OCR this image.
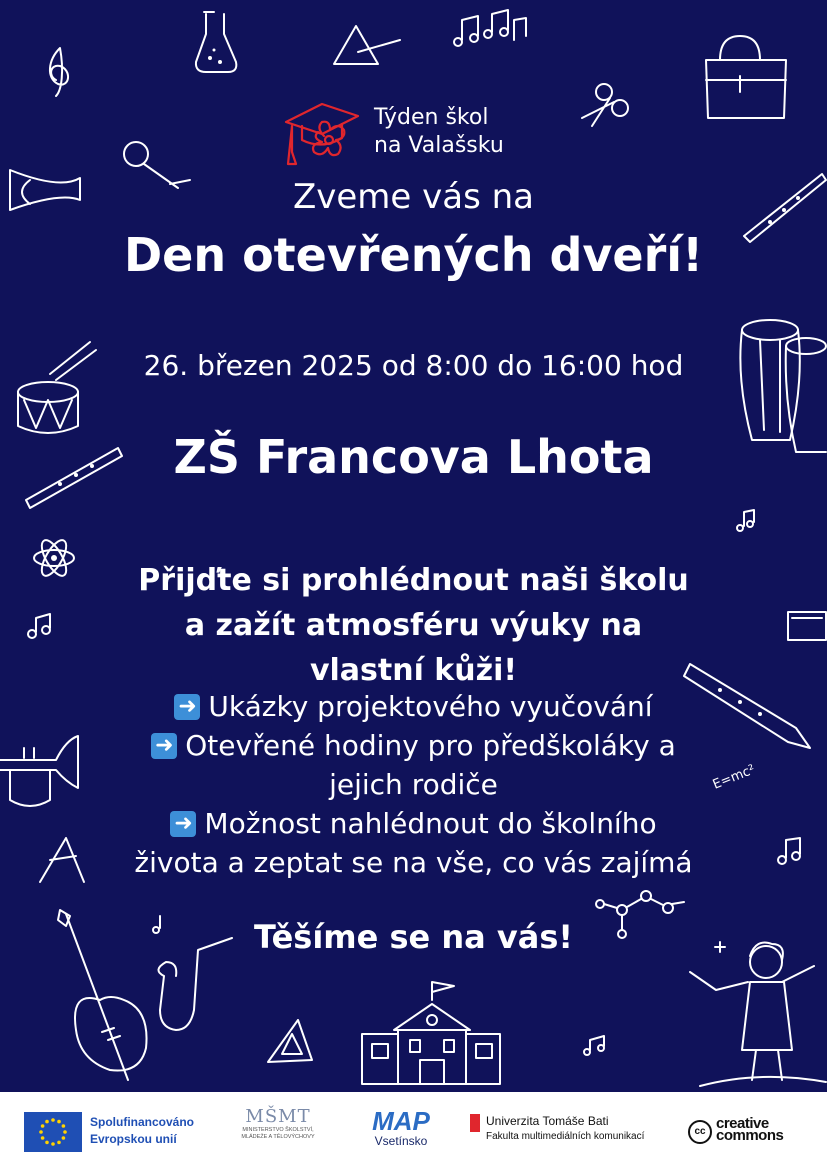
E=mc²
Týden škol
na Valašsku
Zveme vás na
Den otevřených dveří!
26. březen 2025 od 8:00 do 16:00 hod
ZŠ Francova Lhota
Přijďte si prohlédnout naši školu
a zažít atmosféru výuky na
vlastní kůži!
➜ Ukázky projektového vyučování
➜ Otevřené hodiny pro předškoláky a
jejich rodiče
➜ Možnost nahlédnout do školního
života a zeptat se na vše, co vás zajímá
Těšíme se na vás!
Spolufinancováno
Evropskou unií
MŠMT
MINISTERSTVO ŠKOLSTVÍ,
MLÁDEŽE A TĚLOVÝCHOVY
MAP
Vsetínsko
Univerzita Tomáše Bati
Fakulta multimediálních komunikací	cc creative
commons
